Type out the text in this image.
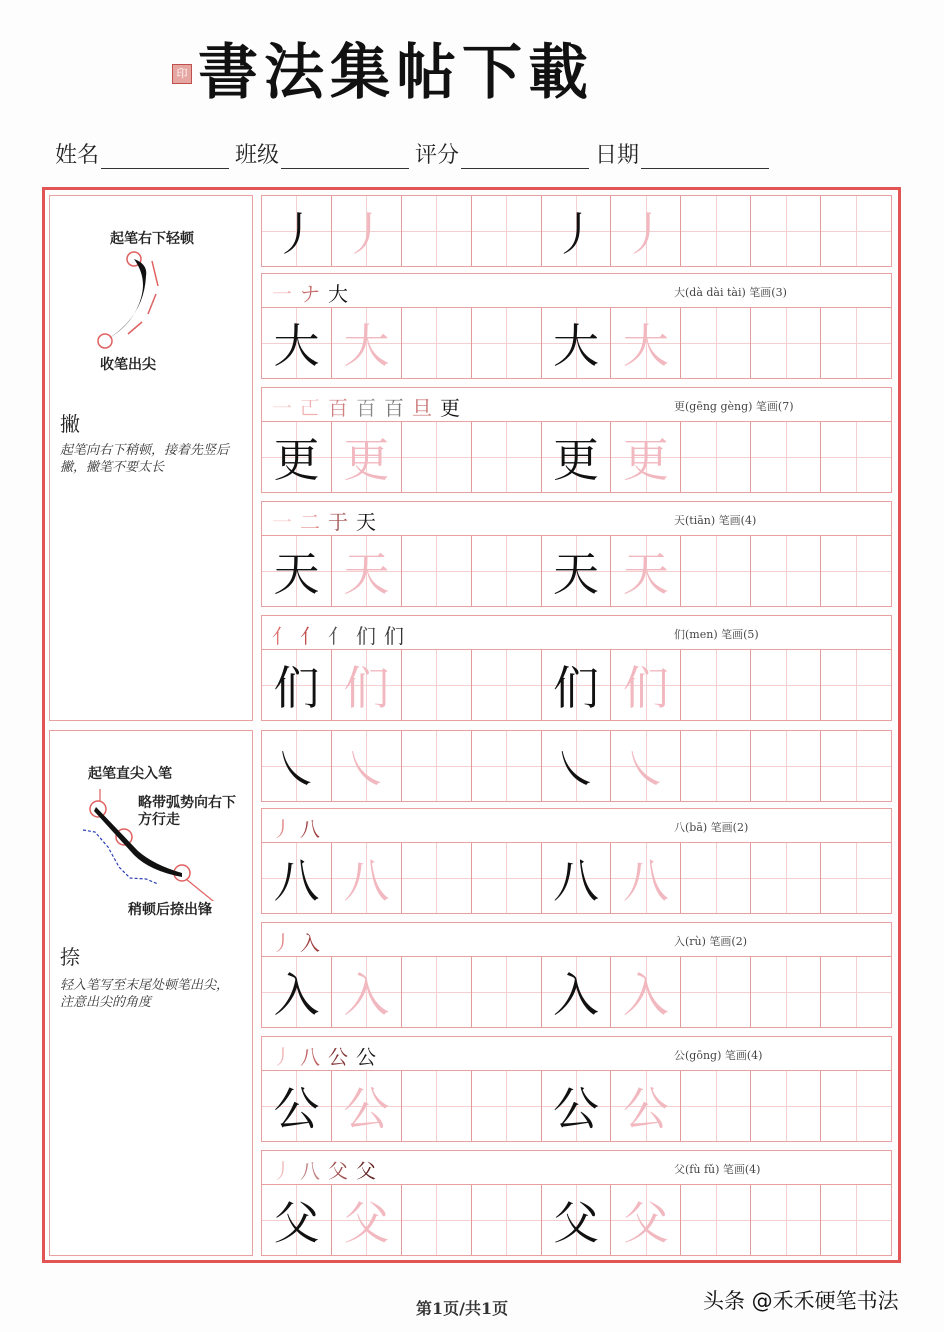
印 書法集帖下載
姓名	班级	评分	日期
起笔右下轻顿
收笔出尖
撇
起笔向右下稍顿，接着先竖后撇，撇笔不要太长
起笔直尖入笔
略带弧势向右下方行走
稍顿后捺出锋
捺
轻入笔写至末尾处顿笔出尖，注意出尖的角度
丿 丿	丿 丿
一 ナ 大	大(dà dài tài) 笔画(3)
大 大	大 大
一 𠀀 百 百 百 旦 更	更(gēng gèng) 笔画(7)
更 更	更 更
一 二 于 天	天(tiān) 笔画(4)
天 天	天 天
亻 亻 亻 们 们	们(men) 笔画(5)
们 们	们 们
㇏ ㇏	㇏ ㇏
丿 八	八(bā) 笔画(2)
八 八	八 八
丿 入	入(rù) 笔画(2)
入 入	入 入
丿 八 公 公	公(gōng) 笔画(4)
公 公	公 公
丿 八 父 父	父(fù fǔ) 笔画(4)
父 父	父 父
第1页/共1页	头条 @禾禾硬笔书法
